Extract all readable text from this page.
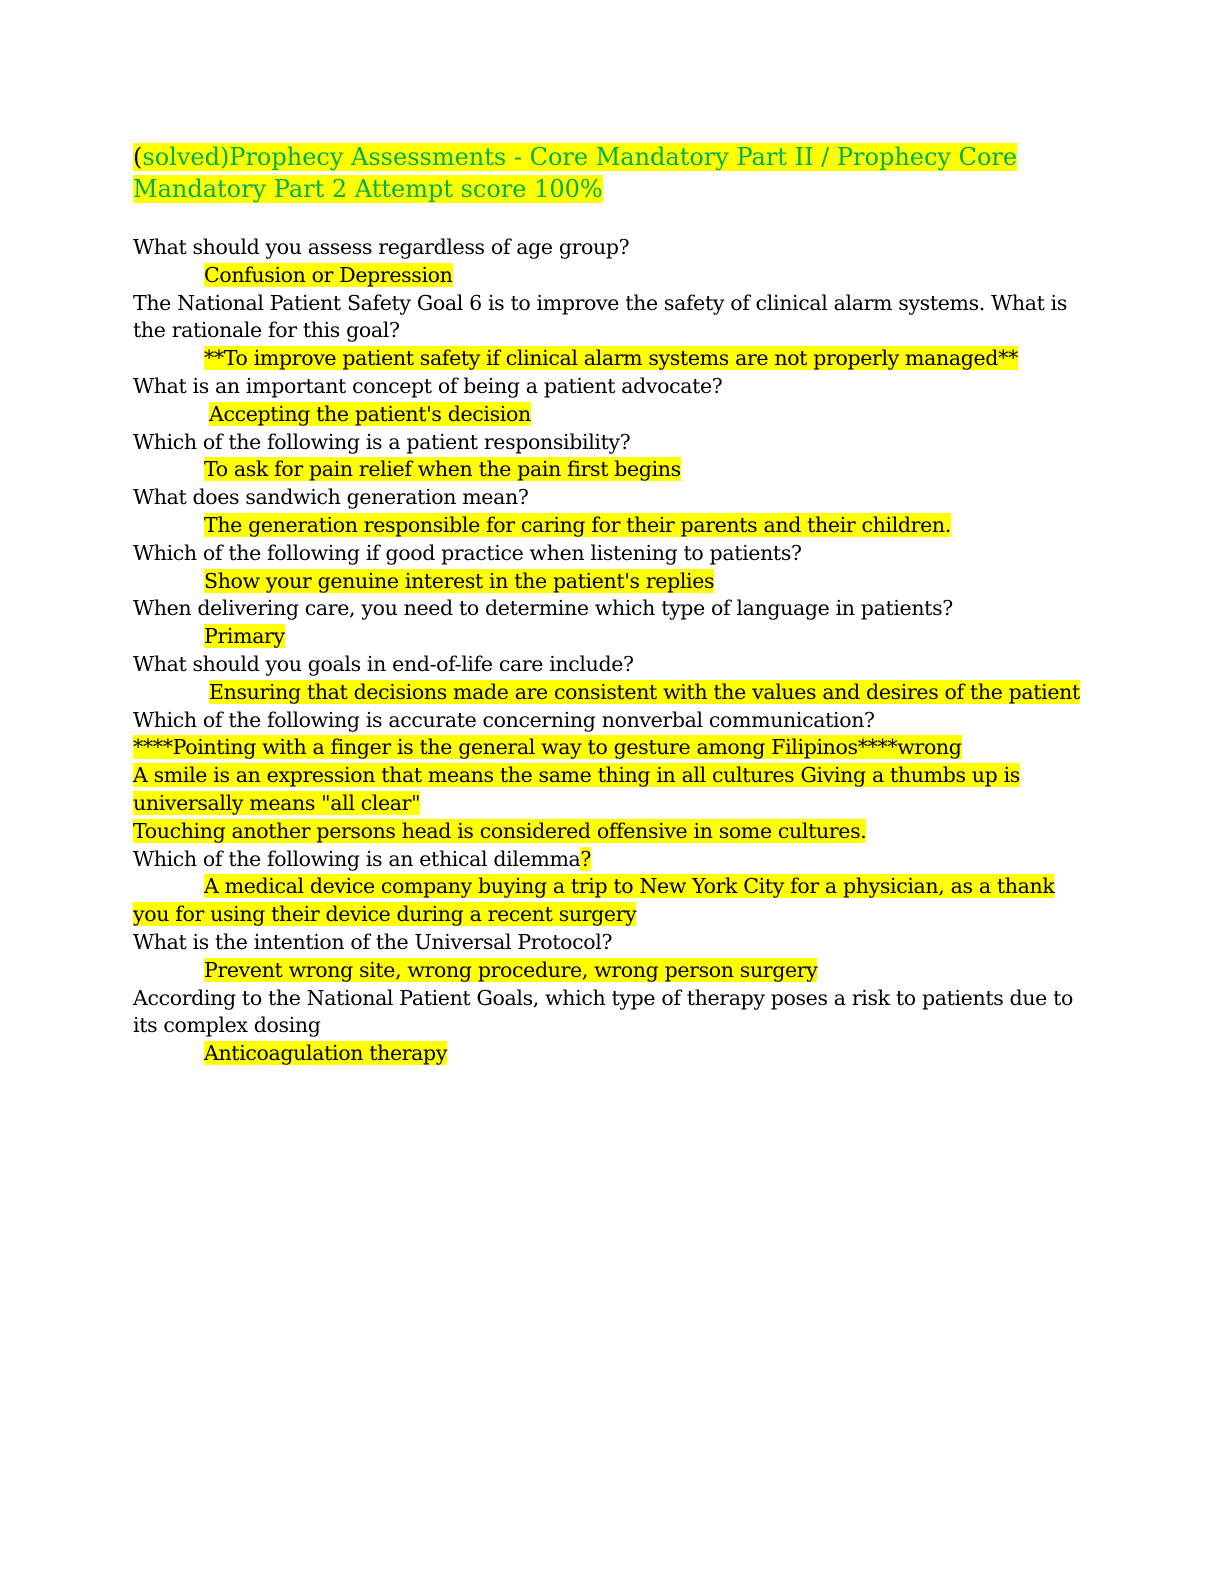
(solved)Prophecy Assessments - Core Mandatory Part II / Prophecy Core
Mandatory Part 2 Attempt score 100%
What should you assess regardless of age group?
Confusion or Depression
The National Patient Safety Goal 6 is to improve the safety of clinical alarm systems. What is
the rationale for this goal?
**To improve patient safety if clinical alarm systems are not properly managed**
What is an important concept of being a patient advocate?
Accepting the patient's decision
Which of the following is a patient responsibility?
To ask for pain relief when the pain first begins
What does sandwich generation mean?
The generation responsible for caring for their parents and their children.
Which of the following if good practice when listening to patients?
Show your genuine interest in the patient's replies
When delivering care, you need to determine which type of language in patients?
Primary
What should you goals in end-of-life care include?
Ensuring that decisions made are consistent with the values and desires of the patient
Which of the following is accurate concerning nonverbal communication?
****Pointing with a finger is the general way to gesture among Filipinos****wrong
A smile is an expression that means the same thing in all cultures Giving a thumbs up is
universally means "all clear"
Touching another persons head is considered offensive in some cultures.
Which of the following is an ethical dilemma?
A medical device company buying a trip to New York City for a physician, as a thank
you for using their device during a recent surgery
What is the intention of the Universal Protocol?
Prevent wrong site, wrong procedure, wrong person surgery
According to the National Patient Goals, which type of therapy poses a risk to patients due to
its complex dosing
Anticoagulation therapy
